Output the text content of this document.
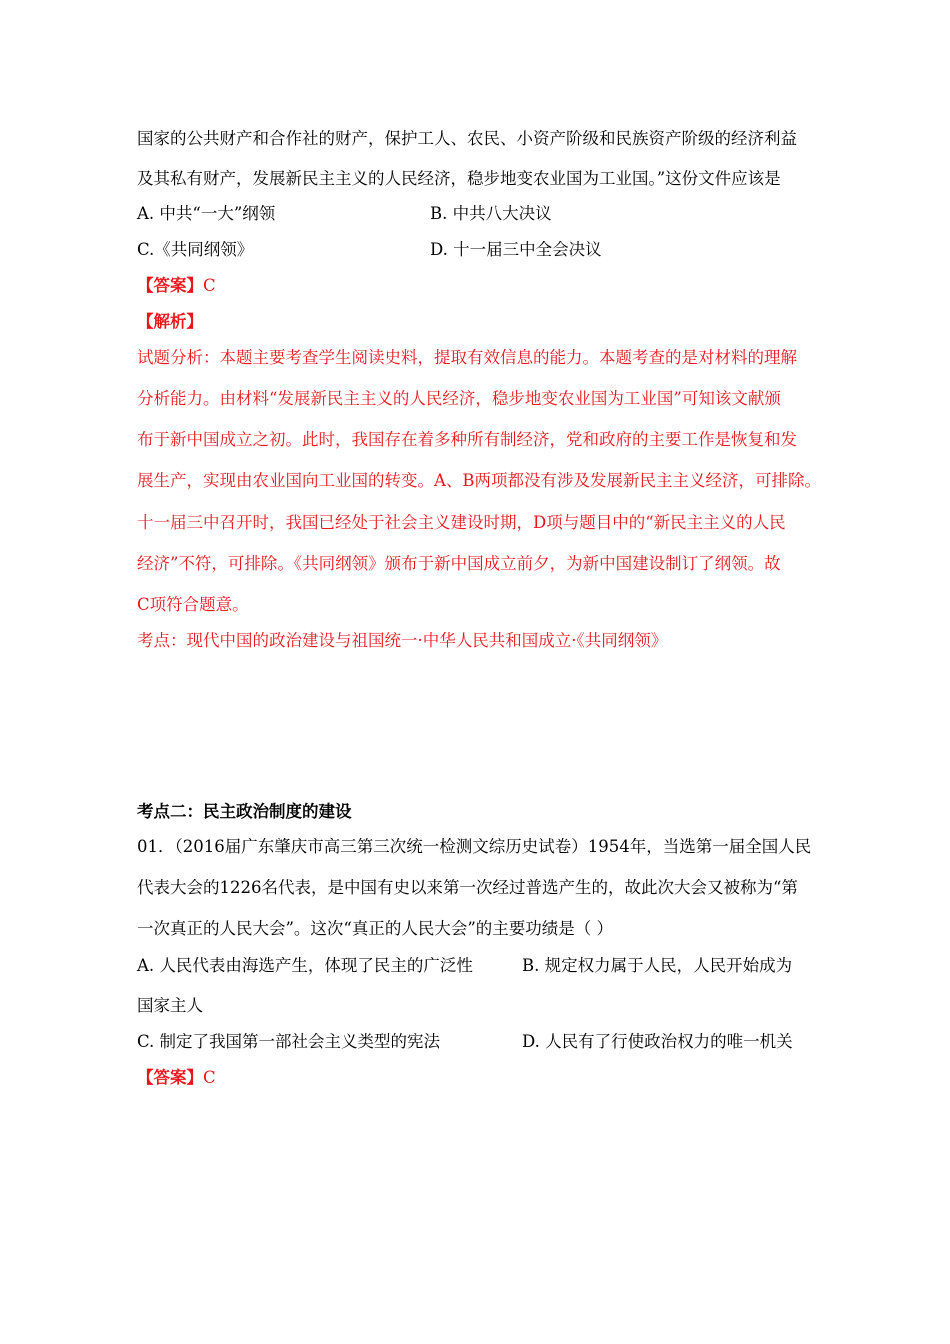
国家的公共财产和合作社的财产，保护工人、农民、小资产阶级和民族资产阶级的经济利益
及其私有财产，发展新民主主义的人民经济，稳步地变农业国为工业国。”这份文件应该是
A. 中共“一大”纲领	B. 中共八大决议
C.《共同纲领》	D. 十一届三中全会决议
【答案】C
【解析】
试题分析：本题主要考查学生阅读史料，提取有效信息的能力。本题考查的是对材料的理解
分析能力。由材料“发展新民主主义的人民经济，稳步地变农业国为工业国”可知该文献颁
布于新中国成立之初。此时，我国存在着多种所有制经济，党和政府的主要工作是恢复和发
展生产，实现由农业国向工业国的转变。A、B两项都没有涉及发展新民主主义经济，可排除。
十一届三中召开时，我国已经处于社会主义建设时期，D项与题目中的“新民主主义的人民
经济”不符，可排除。《共同纲领》颁布于新中国成立前夕，为新中国建设制订了纲领。故
C项符合题意。
考点：现代中国的政治建设与祖国统一·中华人民共和国成立·《共同纲领》
考点二：民主政治制度的建设
01．（2016届广东肇庆市高三第三次统一检测文综历史试卷）1954年，当选第一届全国人民
代表大会的1226名代表，是中国有史以来第一次经过普选产生的，故此次大会又被称为“第
一次真正的人民大会”。这次“真正的人民大会”的主要功绩是（ ）
A. 人民代表由海选产生，体现了民主的广泛性	B. 规定权力属于人民，人民开始成为
国家主人
C. 制定了我国第一部社会主义类型的宪法	D. 人民有了行使政治权力的唯一机关
【答案】C
